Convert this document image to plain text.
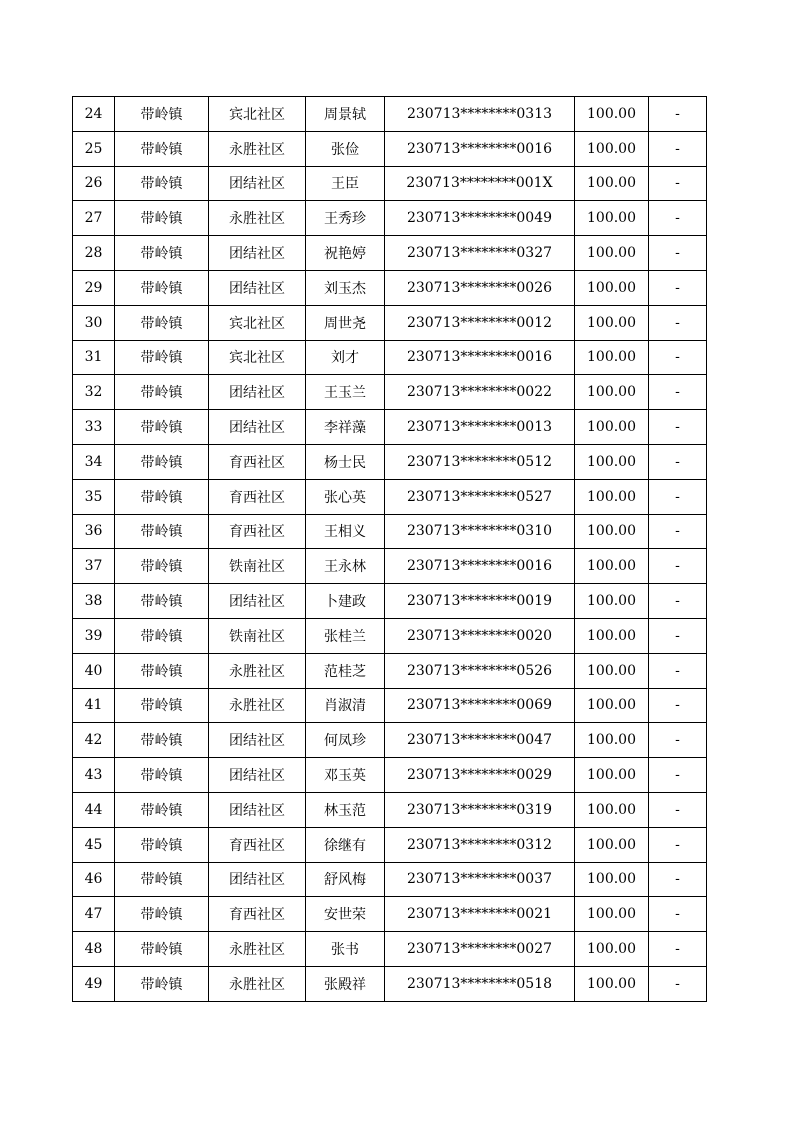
24	带岭镇	宾北社区	周景轼	230713********0313	100.00	-
25	带岭镇	永胜社区	张俭	230713********0016	100.00	-
26	带岭镇	团结社区	王臣	230713********001X	100.00	-
27	带岭镇	永胜社区	王秀珍	230713********0049	100.00	-
28	带岭镇	团结社区	祝艳婷	230713********0327	100.00	-
29	带岭镇	团结社区	刘玉杰	230713********0026	100.00	-
30	带岭镇	宾北社区	周世尧	230713********0012	100.00	-
31	带岭镇	宾北社区	刘才	230713********0016	100.00	-
32	带岭镇	团结社区	王玉兰	230713********0022	100.00	-
33	带岭镇	团结社区	李祥藻	230713********0013	100.00	-
34	带岭镇	育西社区	杨士民	230713********0512	100.00	-
35	带岭镇	育西社区	张心英	230713********0527	100.00	-
36	带岭镇	育西社区	王相义	230713********0310	100.00	-
37	带岭镇	铁南社区	王永林	230713********0016	100.00	-
38	带岭镇	团结社区	卜建政	230713********0019	100.00	-
39	带岭镇	铁南社区	张桂兰	230713********0020	100.00	-
40	带岭镇	永胜社区	范桂芝	230713********0526	100.00	-
41	带岭镇	永胜社区	肖淑清	230713********0069	100.00	-
42	带岭镇	团结社区	何凤珍	230713********0047	100.00	-
43	带岭镇	团结社区	邓玉英	230713********0029	100.00	-
44	带岭镇	团结社区	林玉范	230713********0319	100.00	-
45	带岭镇	育西社区	徐继有	230713********0312	100.00	-
46	带岭镇	团结社区	舒风梅	230713********0037	100.00	-
47	带岭镇	育西社区	安世荣	230713********0021	100.00	-
48	带岭镇	永胜社区	张书	230713********0027	100.00	-
49	带岭镇	永胜社区	张殿祥	230713********0518	100.00	-
